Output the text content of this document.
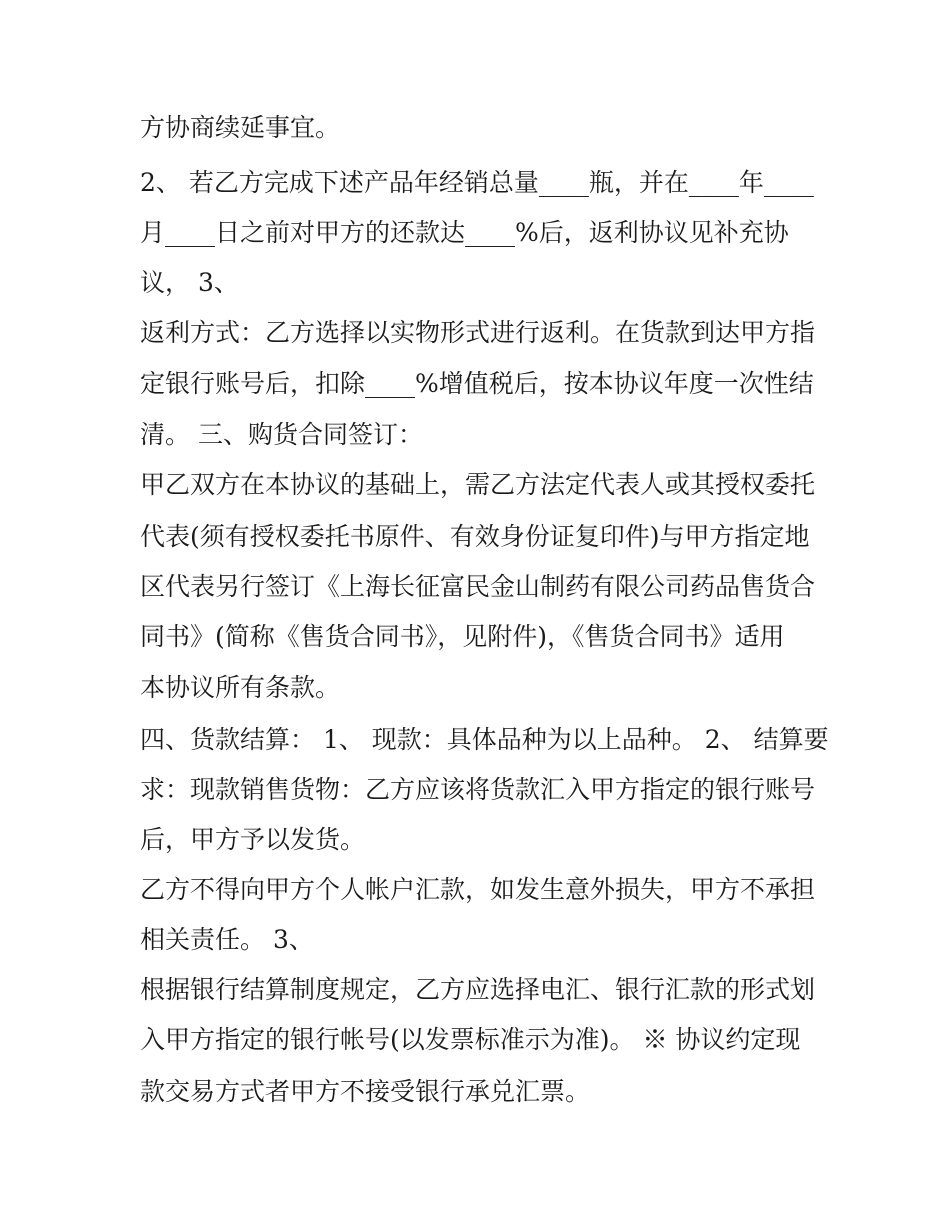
方协商续延事宜。
2、 若乙方完成下述产品年经销总量____瓶，并在____年____
月____日之前对甲方的还款达____%后，返利协议见补充协
议， 3、
返利方式：乙方选择以实物形式进行返利。在货款到达甲方指
定银行账号后，扣除____%增值税后，按本协议年度一次性结
清。 三、购货合同签订：
甲乙双方在本协议的基础上，需乙方法定代表人或其授权委托
代表(须有授权委托书原件、有效身份证复印件)与甲方指定地
区代表另行签订《上海长征富民金山制药有限公司药品售货合
同书》(简称《售货合同书》，见附件)，《售货合同书》适用
本协议所有条款。
四、货款结算： 1、 现款：具体品种为以上品种。 2、 结算要
求：现款销售货物：乙方应该将货款汇入甲方指定的银行账号
后，甲方予以发货。
乙方不得向甲方个人帐户汇款，如发生意外损失，甲方不承担
相关责任。 3、
根据银行结算制度规定，乙方应选择电汇、银行汇款的形式划
入甲方指定的银行帐号(以发票标准示为准)。 ※ 协议约定现
款交易方式者甲方不接受银行承兑汇票。
